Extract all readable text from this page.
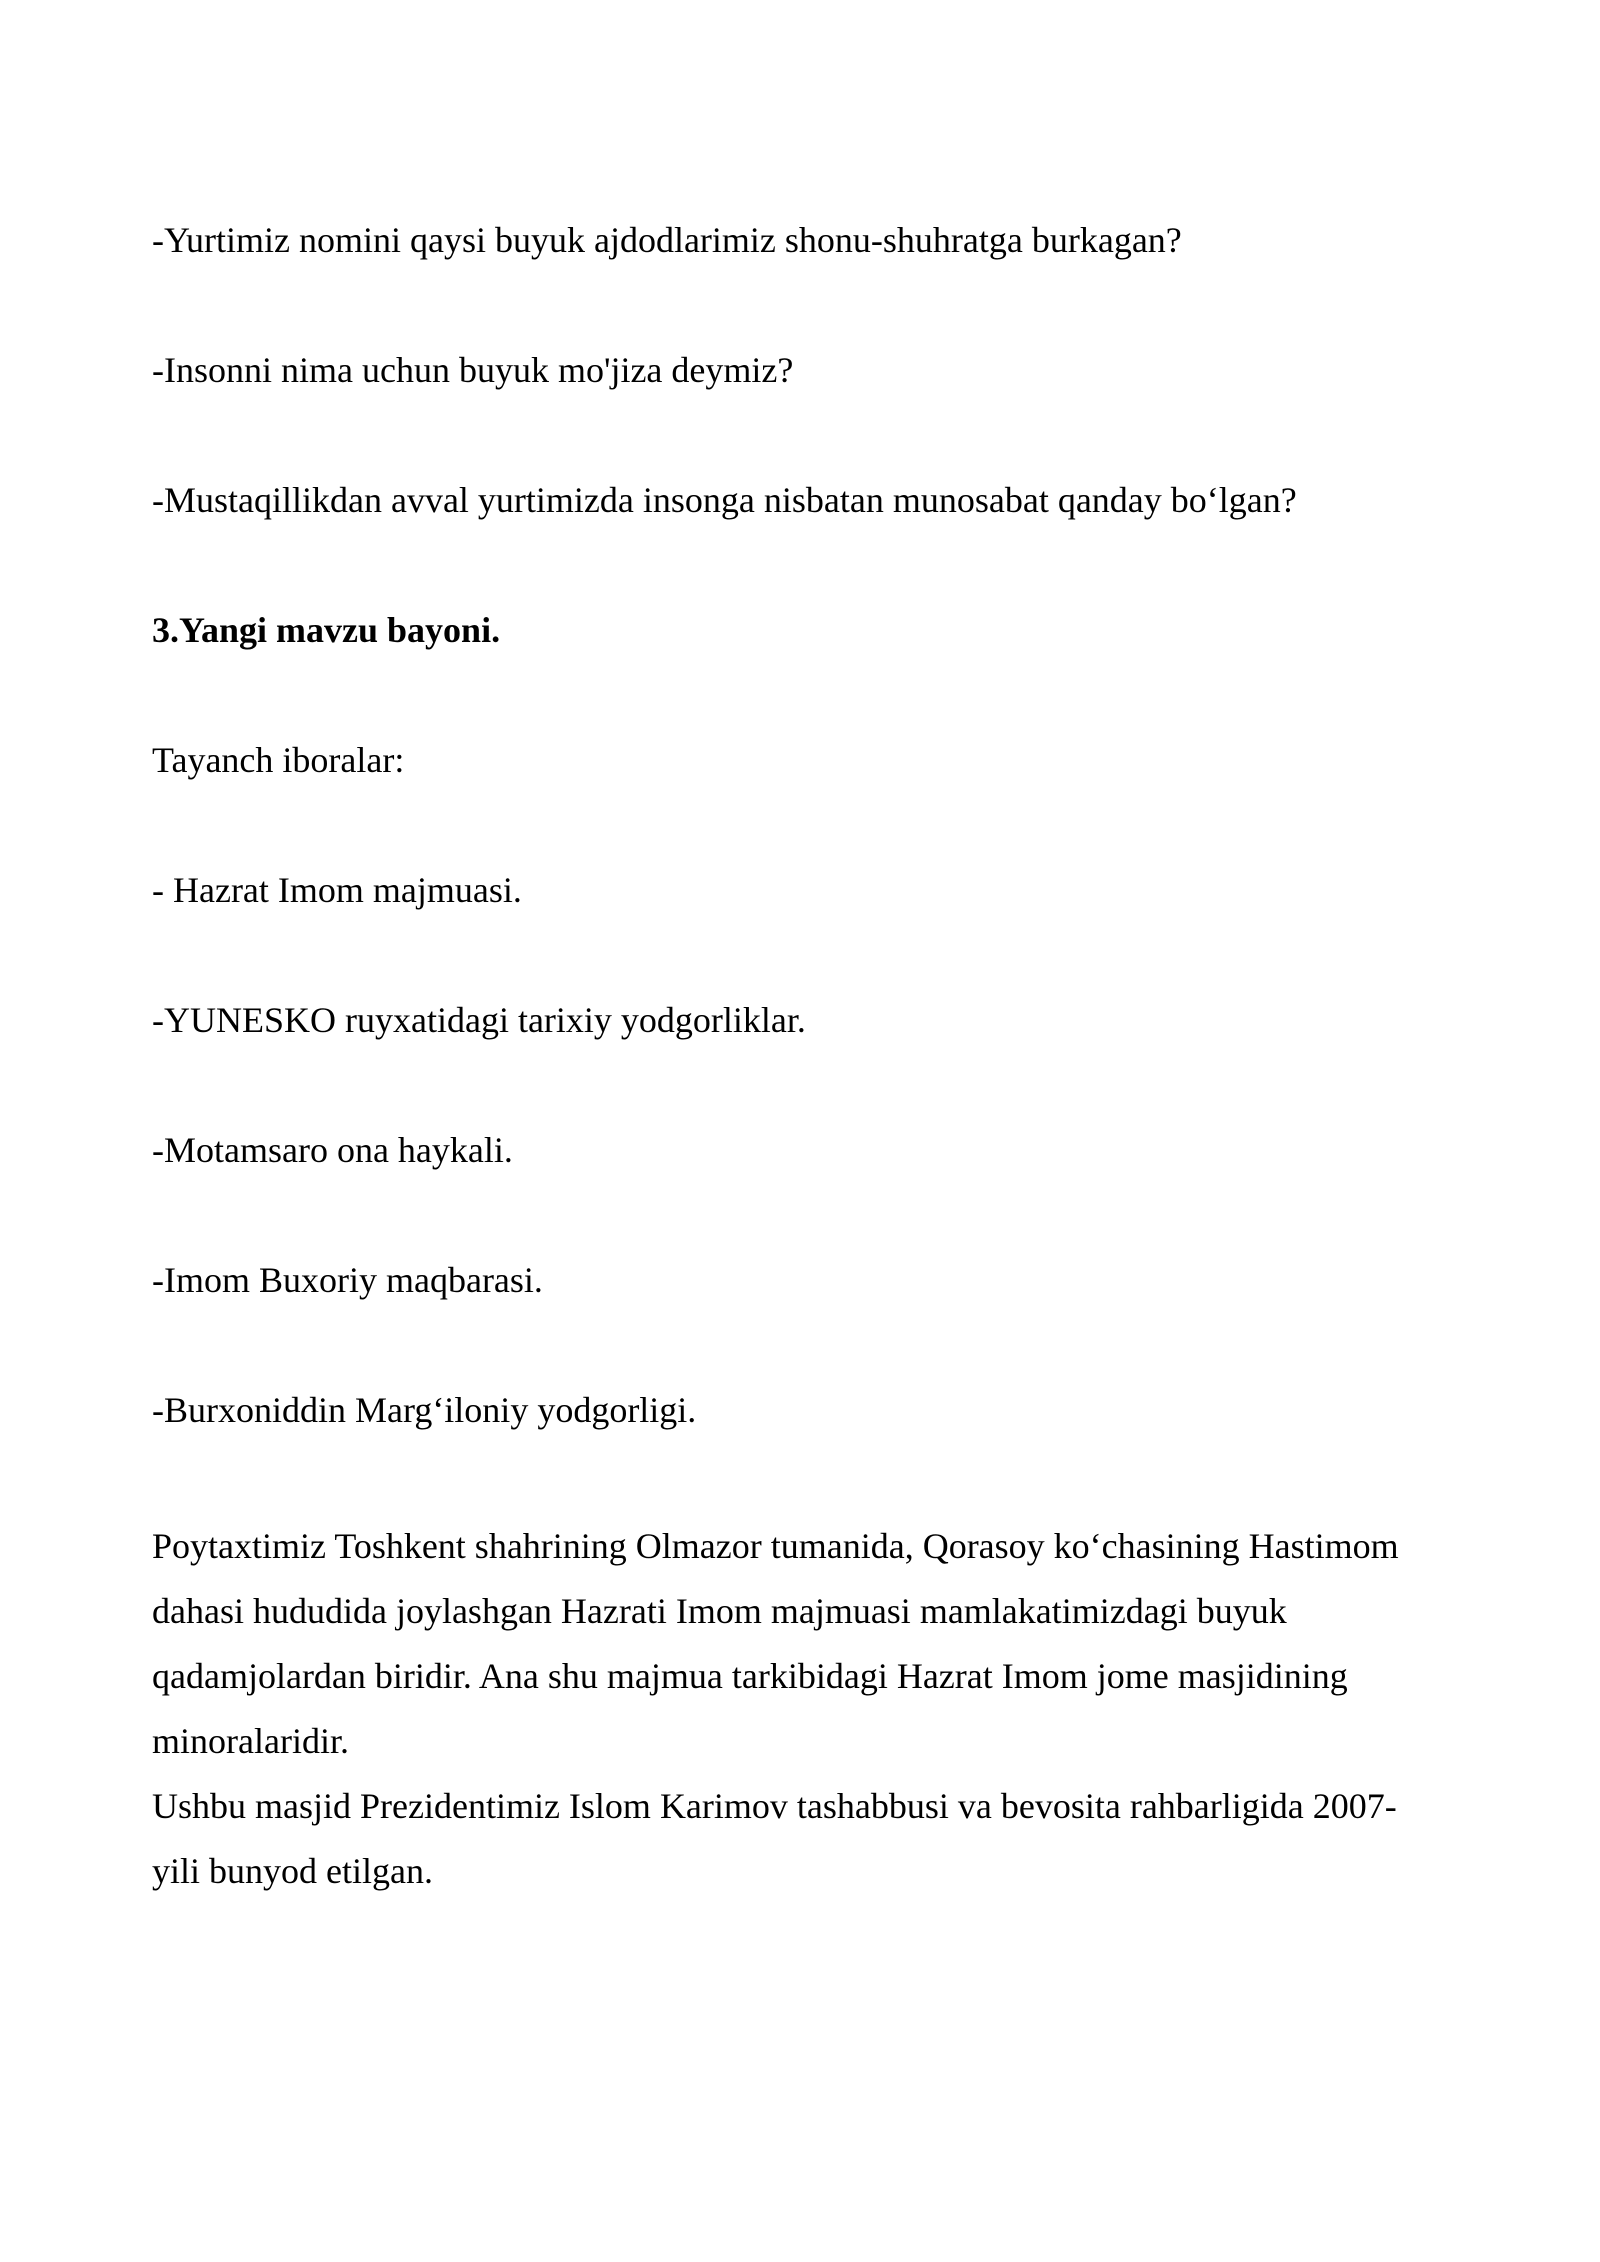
-Yurtimiz nomini qaysi buyuk ajdodlarimiz shonu-shuhratga burkagan?

-Insonni nima uchun buyuk mo'jiza deymiz?

-Mustaqillikdan avval yurtimizda insonga nisbatan munosabat qanday bo‘lgan?

3.Yangi mavzu bayoni.

Tayanch iboralar:

- Hazrat Imom majmuasi.

-YUNESKO ruyxatidagi tarixiy yodgorliklar.

-Motamsaro ona haykali.

-Imom Buxoriy maqbarasi.

-Burxoniddin Marg‘iloniy yodgorligi.

Poytaxtimiz Toshkent shahrining Olmazor tumanida, Qorasoy ko‘chasining Hastimom
dahasi hududida joylashgan Hazrati Imom majmuasi mamlakatimizdagi buyuk
qadamjolardan biridir. Ana shu majmua tarkibidagi Hazrat Imom jome masjidining
minoralaridir.
Ushbu masjid Prezidentimiz Islom Karimov tashabbusi va bevosita rahbarligida 2007-
yili bunyod etilgan.
